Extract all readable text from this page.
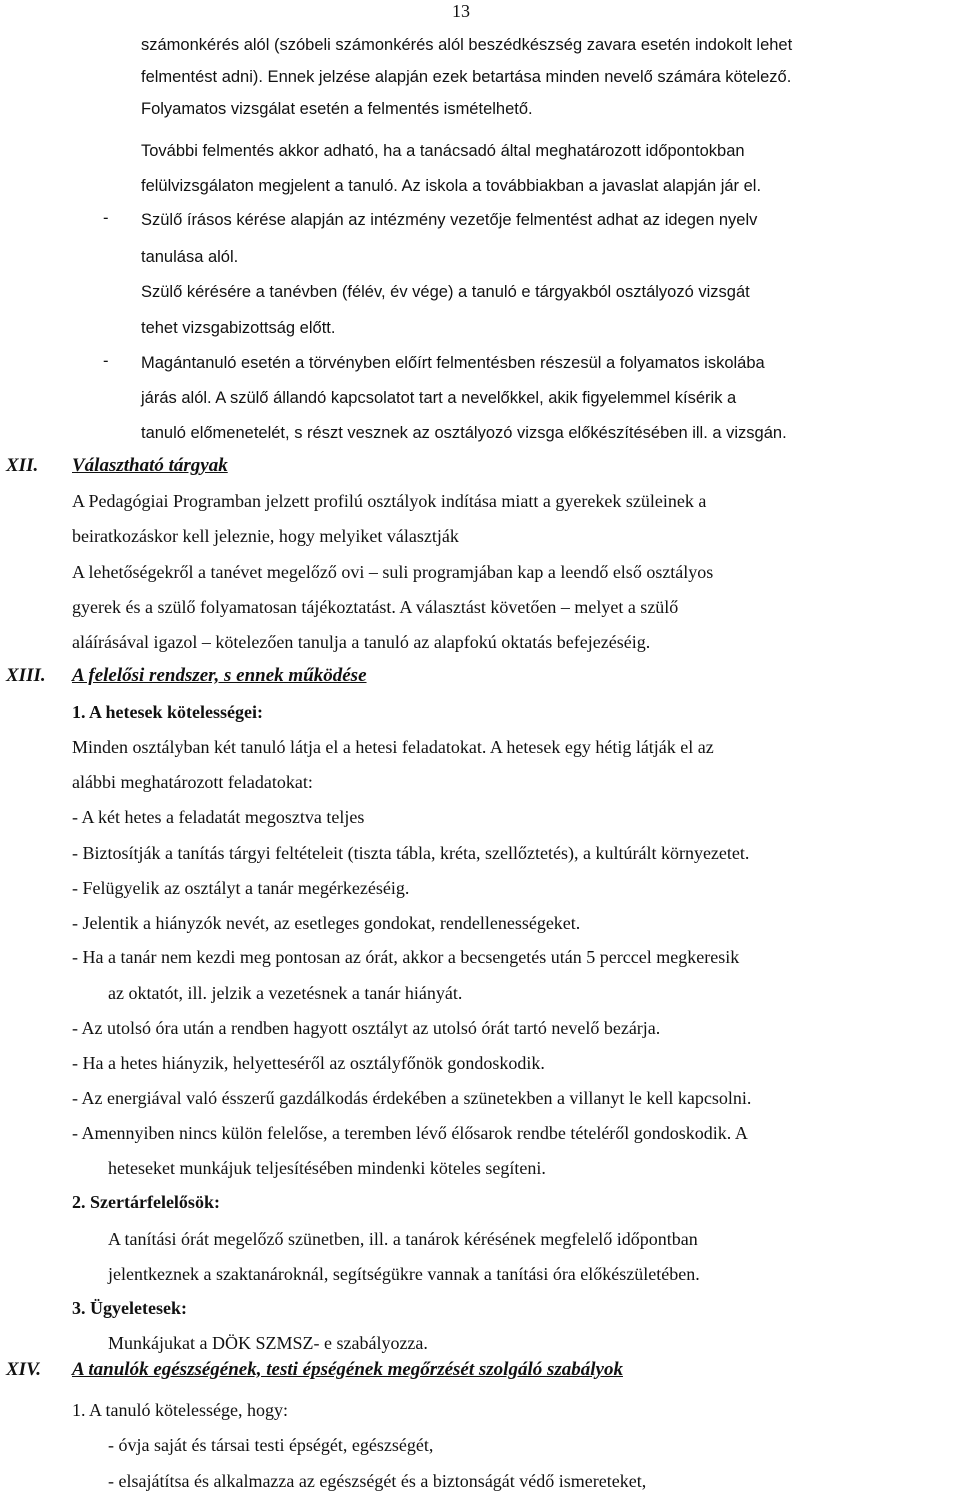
13
számonkérés alól (szóbeli számonkérés alól beszédkészség zavara esetén indokolt lehet
felmentést adni). Ennek jelzése alapján ezek betartása minden nevelő számára kötelező.
Folyamatos vizsgálat esetén a felmentés ismételhető.
További felmentés akkor adható, ha a tanácsadó által meghatározott időpontokban
felülvizsgálaton megjelent a tanuló. Az iskola a továbbiakban a javaslat alapján jár el.
- Szülő írásos kérése alapján az intézmény vezetője felmentést adhat az idegen nyelv
tanulása alól.
Szülő kérésére a tanévben (félév, év vége) a tanuló e tárgyakból osztályozó vizsgát
tehet vizsgabizottság előtt.
- Magántanuló esetén a törvényben előírt felmentésben részesül a folyamatos iskolába
járás alól. A szülő állandó kapcsolatot tart a nevelőkkel, akik figyelemmel kísérik a
tanuló előmenetelét, s részt vesznek az osztályozó vizsga előkészítésében ill. a vizsgán.
XII. Választható tárgyak
A Pedagógiai Programban jelzett profilú osztályok indítása miatt a gyerekek szüleinek a
beiratkozáskor kell jeleznie, hogy melyiket választják
A lehetőségekről a tanévet megelőző ovi – suli programjában kap a leendő első osztályos
gyerek és a szülő folyamatosan tájékoztatást. A választást követően – melyet a szülő
aláírásával igazol – kötelezően tanulja a tanuló az alapfokú oktatás befejezéséig.
XIII. A felelősi rendszer, s ennek működése
1. A hetesek kötelességei:
Minden osztályban két tanuló látja el a hetesi feladatokat. A hetesek egy hétig látják el az
alábbi meghatározott feladatokat:
- A két hetes a feladatát megosztva teljes
- Biztosítják a tanítás tárgyi feltételeit (tiszta tábla, kréta, szellőztetés), a kultúrált környezetet.
- Felügyelik az osztályt a tanár megérkezéséig.
- Jelentik a hiányzók nevét, az esetleges gondokat, rendellenességeket.
- Ha a tanár nem kezdi meg pontosan az órát, akkor a becsengetés után 5 perccel megkeresik
az oktatót, ill. jelzik a vezetésnek a tanár hiányát.
- Az utolsó óra után a rendben hagyott osztályt az utolsó órát tartó nevelő bezárja.
- Ha a hetes hiányzik, helyetteséről az osztályfőnök gondoskodik.
- Az energiával való ésszerű gazdálkodás érdekében a szünetekben a villanyt le kell kapcsolni.
- Amennyiben nincs külön felelőse, a teremben lévő élősarok rendbe tételéről gondoskodik. A
heteseket munkájuk teljesítésében mindenki köteles segíteni.
2. Szertárfelelősök:
A tanítási órát megelőző szünetben, ill. a tanárok kérésének megfelelő időpontban
jelentkeznek a szaktanároknál, segítségükre vannak a tanítási óra előkészületében.
3. Ügyeletesek:
Munkájukat a DÖK SZMSZ- e szabályozza.
XIV. A tanulók egészségének, testi épségének megőrzését szolgáló szabályok
1. A tanuló kötelessége, hogy:
- óvja saját és társai testi épségét, egészségét,
- elsajátítsa és alkalmazza az egészségét és a biztonságát védő ismereteket,
